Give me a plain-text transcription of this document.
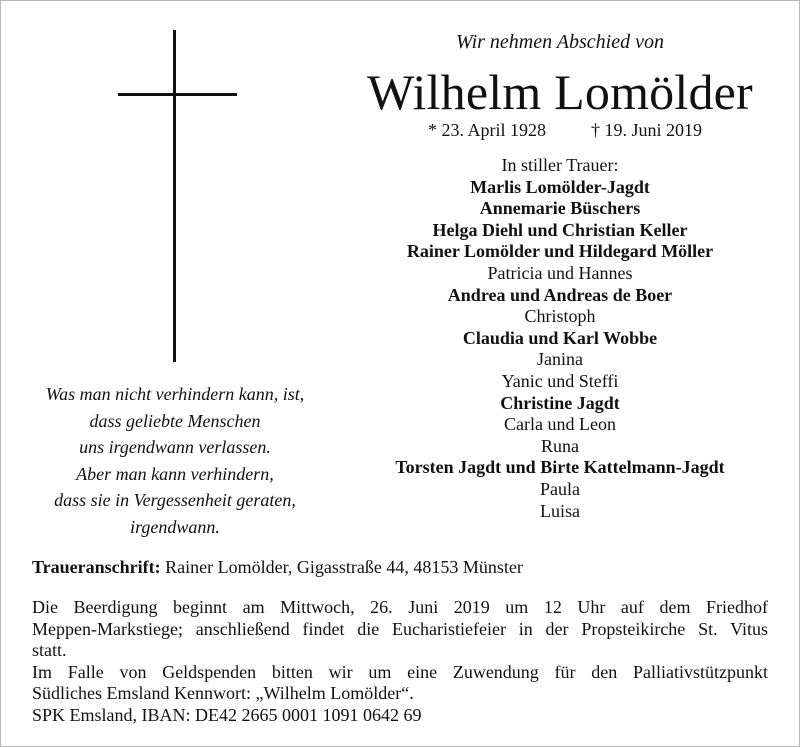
Wir nehmen Abschied von
Wilhelm Lomölder
* 23. April 1928	† 19. Juni 2019
In stiller Trauer:
Marlis Lomölder-Jagdt
Annemarie Büschers
Helga Diehl und Christian Keller
Rainer Lomölder und Hildegard Möller
Patricia und Hannes
Andrea und Andreas de Boer
Christoph
Claudia und Karl Wobbe
Janina
Yanic und Steffi
Christine Jagdt
Carla und Leon
Runa
Torsten Jagdt und Birte Kattelmann-Jagdt
Paula
Luisa
Was man nicht verhindern kann, ist,
dass geliebte Menschen
uns irgendwann verlassen.
Aber man kann verhindern,
dass sie in Vergessenheit geraten,
irgendwann.
Traueranschrift: Rainer Lomölder, Gigasstraße 44, 48153 Münster
Die Beerdigung beginnt am Mittwoch, 26. Juni 2019 um 12 Uhr auf dem Friedhof
Meppen-Markstiege; anschließend findet die Eucharistiefeier in der Propsteikirche St. Vitus
statt.
Im Falle von Geldspenden bitten wir um eine Zuwendung für den Palliativstützpunkt
Südliches Emsland Kennwort: „Wilhelm Lomölder“.
SPK Emsland, IBAN: DE42 2665 0001 1091 0642 69
